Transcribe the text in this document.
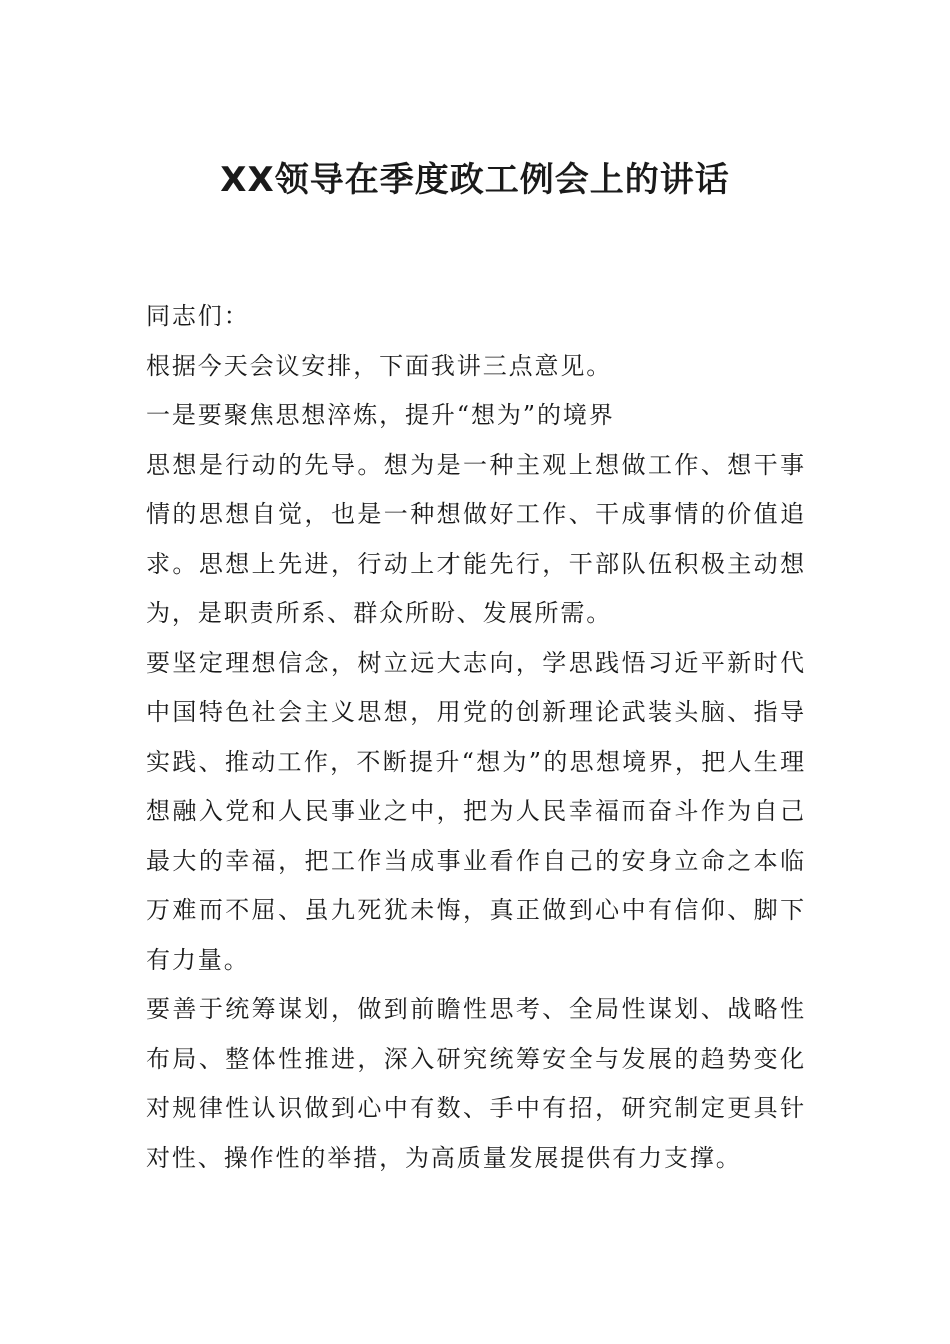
XX领导在季度政工例会上的讲话

同志们：

根据今天会议安排，下面我讲三点意见。

一是要聚焦思想淬炼，提升“想为”的境界

思想是行动的先导。想为是一种主观上想做工作、想干事情的思想自觉，也是一种想做好工作、干成事情的价值追求。思想上先进，行动上才能先行，干部队伍积极主动想为，是职责所系、群众所盼、发展所需。

要坚定理想信念，树立远大志向，学思践悟习近平新时代中国特色社会主义思想，用党的创新理论武装头脑、指导实践、推动工作，不断提升“想为”的思想境界，把人生理想融入党和人民事业之中，把为人民幸福而奋斗作为自己最大的幸福，把工作当成事业看作自己的安身立命之本临万难而不屈、虽九死犹未悔，真正做到心中有信仰、脚下有力量。

要善于统筹谋划，做到前瞻性思考、全局性谋划、战略性布局、整体性推进，深入研究统筹安全与发展的趋势变化对规律性认识做到心中有数、手中有招，研究制定更具针对性、操作性的举措，为高质量发展提供有力支撑。
